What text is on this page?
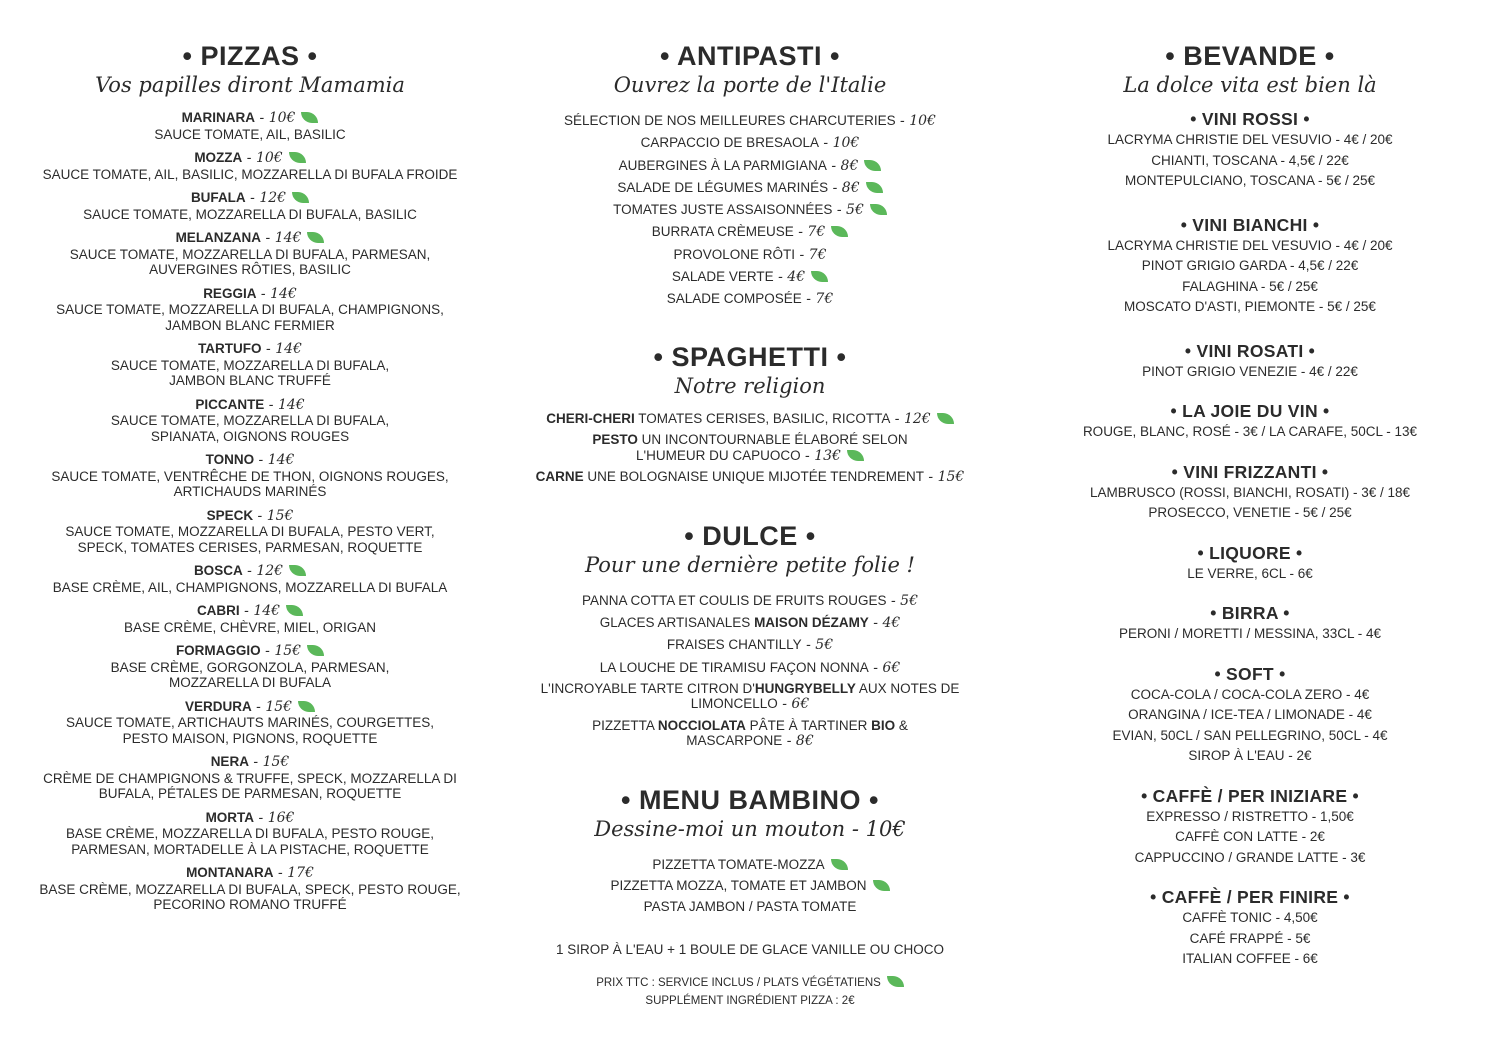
• PIZZAS •

Vos papilles diront Mamamia

MARINARA - 10€
SAUCE TOMATE, AIL, BASILIC
MOZZA - 10€
SAUCE TOMATE, AIL, BASILIC, MOZZARELLA DI BUFALA FROIDE
BUFALA - 12€
SAUCE TOMATE, MOZZARELLA DI BUFALA, BASILIC
MELANZANA - 14€
SAUCE TOMATE, MOZZARELLA DI BUFALA, PARMESAN, AUVERGINES RÔTIES, BASILIC
REGGIA - 14€
SAUCE TOMATE, MOZZARELLA DI BUFALA, CHAMPIGNONS, JAMBON BLANC FERMIER
TARTUFO - 14€
SAUCE TOMATE, MOZZARELLA DI BUFALA, JAMBON BLANC TRUFFÉ
PICCANTE - 14€
SAUCE TOMATE, MOZZARELLA DI BUFALA, SPIANATA, OIGNONS ROUGES
TONNO - 14€
SAUCE TOMATE, VENTRÊCHE DE THON, OIGNONS ROUGES, ARTICHAUDS MARINÉS
SPECK - 15€
SAUCE TOMATE, MOZZARELLA DI BUFALA, PESTO VERT, SPECK, TOMATES CERISES, PARMESAN, ROQUETTE
BOSCA - 12€
BASE CRÈME, AIL, CHAMPIGNONS, MOZZARELLA DI BUFALA
CABRI - 14€
BASE CRÈME, CHÈVRE, MIEL, ORIGAN
FORMAGGIO - 15€
BASE CRÈME, GORGONZOLA, PARMESAN, MOZZARELLA DI BUFALA
VERDURA - 15€
SAUCE TOMATE, ARTICHAUTS MARINÉS, COURGETTES, PESTO MAISON, PIGNONS, ROQUETTE
NERA - 15€
CRÈME DE CHAMPIGNONS & TRUFFE, SPECK, MOZZARELLA DI BUFALA, PÉTALES DE PARMESAN, ROQUETTE
MORTA - 16€
BASE CRÈME, MOZZARELLA DI BUFALA, PESTO ROUGE, PARMESAN, MORTADELLE À LA PISTACHE, ROQUETTE
MONTANARA - 17€
BASE CRÈME, MOZZARELLA DI BUFALA, SPECK, PESTO ROUGE, PECORINO ROMANO TRUFFÉ
• ANTIPASTI •

Ouvrez la porte de l'Italie

SÉLECTION DE NOS MEILLEURES CHARCUTERIES - 10€

CARPACCIO DE BRESAOLA - 10€

AUBERGINES À LA PARMIGIANA - 8€

SALADE DE LÉGUMES MARINÉS - 8€

TOMATES JUSTE ASSAISONNÉES - 5€

BURRATA CRÈMEUSE - 7€

PROVOLONE RÔTI - 7€

SALADE VERTE - 4€

SALADE COMPOSÉE - 7€

• SPAGHETTI •

Notre religion

CHERI-CHERI TOMATES CERISES, BASILIC, RICOTTA - 12€

PESTO UN INCONTOURNABLE ÉLABORÉ SELON L'HUMEUR DU CAPUOCO - 13€

CARNE UNE BOLOGNAISE UNIQUE MIJOTÉE TENDREMENT - 15€

• DULCE •

Pour une dernière petite folie !

PANNA COTTA ET COULIS DE FRUITS ROUGES - 5€

GLACES ARTISANALES MAISON DÉZAMY - 4€

FRAISES CHANTILLY - 5€

LA LOUCHE DE TIRAMISU FAÇON NONNA - 6€

L'INCROYABLE TARTE CITRON D'HUNGRYBELLY AUX NOTES DE LIMONCELLO - 6€

PIZZETTA NOCCIOLATA PÂTE À TARTINER BIO & MASCARPONE - 8€

• MENU BAMBINO •

Dessine-moi un mouton - 10€

PIZZETTA TOMATE-MOZZA

PIZZETTA MOZZA, TOMATE ET JAMBON

PASTA JAMBON / PASTA TOMATE

1 SIROP À L'EAU + 1 BOULE DE GLACE VANILLE OU CHOCO

PRIX TTC : SERVICE INCLUS / PLATS VÉGÉTATIENS

SUPPLÉMENT INGRÉDIENT PIZZA : 2€

• BEVANDE •

La dolce vita est bien là

• VINI ROSSI •

LACRYMA CHRISTIE DEL VESUVIO - 4€ / 20€

CHIANTI, TOSCANA - 4,5€ / 22€

MONTEPULCIANO, TOSCANA - 5€ / 25€

• VINI BIANCHI •

LACRYMA CHRISTIE DEL VESUVIO - 4€ / 20€

PINOT GRIGIO GARDA - 4,5€ / 22€

FALAGHINA - 5€ / 25€

MOSCATO D'ASTI, PIEMONTE - 5€ / 25€

• VINI ROSATI •

PINOT GRIGIO VENEZIE - 4€ / 22€

• LA JOIE DU VIN •

ROUGE, BLANC, ROSÉ - 3€ / LA CARAFE, 50CL - 13€

• VINI FRIZZANTI •

LAMBRUSCO (ROSSI, BIANCHI, ROSATI) - 3€ / 18€

PROSECCO, VENETIE - 5€ / 25€

• LIQUORE •

LE VERRE, 6CL - 6€

• BIRRA •

PERONI / MORETTI / MESSINA, 33CL - 4€

• SOFT •

COCA-COLA / COCA-COLA ZERO - 4€

ORANGINA / ICE-TEA / LIMONADE - 4€

EVIAN, 50CL / SAN PELLEGRINO, 50CL - 4€

SIROP À L'EAU - 2€

• CAFFÈ / PER INIZIARE •

EXPRESSO / RISTRETTO - 1,50€

CAFFÈ CON LATTE - 2€

CAPPUCCINO / GRANDE LATTE - 3€

• CAFFÈ / PER FINIRE •

CAFFÈ TONIC - 4,50€

CAFÉ FRAPPÉ - 5€

ITALIAN COFFEE - 6€
